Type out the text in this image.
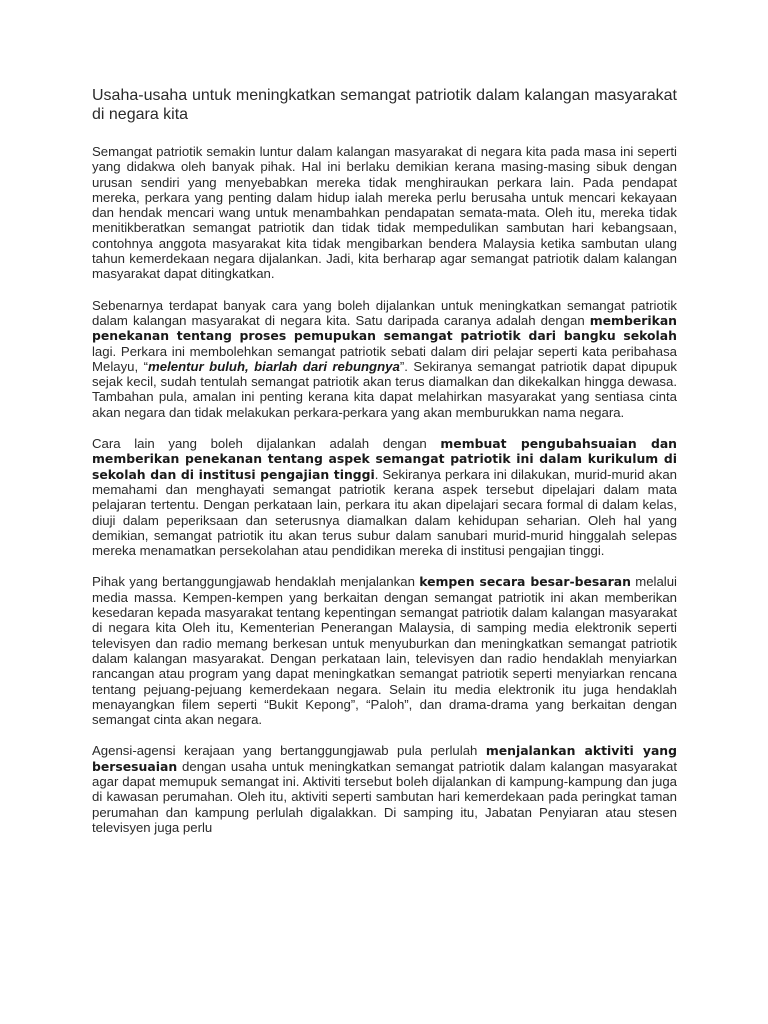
Usaha-usaha untuk meningkatkan semangat patriotik dalam kalangan masyarakat di negara kita

Semangat patriotik semakin luntur dalam kalangan masyarakat di negara kita pada masa ini seperti yang didakwa oleh banyak pihak. Hal ini berlaku demikian kerana masing-masing sibuk dengan urusan sendiri yang menyebabkan mereka tidak menghiraukan perkara lain. Pada pendapat mereka, perkara yang penting dalam hidup ialah mereka perlu berusaha untuk mencari kekayaan dan hendak mencari wang untuk menambahkan pendapatan semata-mata. Oleh itu, mereka tidak menitikberatkan semangat patriotik dan tidak tidak mempedulikan sambutan hari kebangsaan, contohnya anggota masyarakat kita tidak mengibarkan bendera Malaysia ketika sambutan ulang tahun kemerdekaan negara dijalankan. Jadi, kita berharap agar semangat patriotik dalam kalangan masyarakat dapat ditingkatkan.

Sebenarnya terdapat banyak cara yang boleh dijalankan untuk meningkatkan semangat patriotik dalam kalangan masyarakat di negara kita. Satu daripada caranya adalah dengan memberikan penekanan tentang proses pemupukan semangat patriotik dari bangku sekolah lagi. Perkara ini membolehkan semangat patriotik sebati dalam diri pelajar seperti kata peribahasa Melayu, “melentur buluh, biarlah dari rebungnya”. Sekiranya semangat patriotik dapat dipupuk sejak kecil, sudah tentulah semangat patriotik akan terus diamalkan dan dikekalkan hingga dewasa. Tambahan pula, amalan ini penting kerana kita dapat melahirkan masyarakat yang sentiasa cinta akan negara dan tidak melakukan perkara-perkara yang akan memburukkan nama negara.

Cara lain yang boleh dijalankan adalah dengan membuat pengubahsuaian dan memberikan penekanan tentang aspek semangat patriotik ini dalam kurikulum di sekolah dan di institusi pengajian tinggi. Sekiranya perkara ini dilakukan, murid-murid akan memahami dan menghayati semangat patriotik kerana aspek tersebut dipelajari dalam mata pelajaran tertentu. Dengan perkataan lain, perkara itu akan dipelajari secara formal di dalam kelas, diuji dalam peperiksaan dan seterusnya diamalkan dalam kehidupan seharian. Oleh hal yang demikian, semangat patriotik itu akan terus subur dalam sanubari murid-murid hinggalah selepas mereka menamatkan persekolahan atau pendidikan mereka di institusi pengajian tinggi.

Pihak yang bertanggungjawab hendaklah menjalankan kempen secara besar-besaran melalui media massa. Kempen-kempen yang berkaitan dengan semangat patriotik ini akan memberikan kesedaran kepada masyarakat tentang kepentingan semangat patriotik dalam kalangan masyarakat di negara kita Oleh itu, Kementerian Penerangan Malaysia, di samping media elektronik seperti televisyen dan radio memang berkesan untuk menyuburkan dan meningkatkan semangat patriotik dalam kalangan masyarakat. Dengan perkataan lain, televisyen dan radio hendaklah menyiarkan rancangan atau program yang dapat meningkatkan semangat patriotik seperti menyiarkan rencana tentang pejuang-pejuang kemerdekaan negara. Selain itu media elektronik itu juga hendaklah menayangkan filem seperti “Bukit Kepong”, “Paloh”, dan drama-drama yang berkaitan dengan semangat cinta akan negara.

Agensi-agensi kerajaan yang bertanggungjawab pula perlulah menjalankan aktiviti yang bersesuaian dengan usaha untuk meningkatkan semangat patriotik dalam kalangan masyarakat agar dapat memupuk semangat ini. Aktiviti tersebut boleh dijalankan di kampung-kampung dan juga di kawasan perumahan. Oleh itu, aktiviti seperti sambutan hari kemerdekaan pada peringkat taman perumahan dan kampung perlulah digalakkan. Di samping itu, Jabatan Penyiaran atau stesen televisyen juga perlu
